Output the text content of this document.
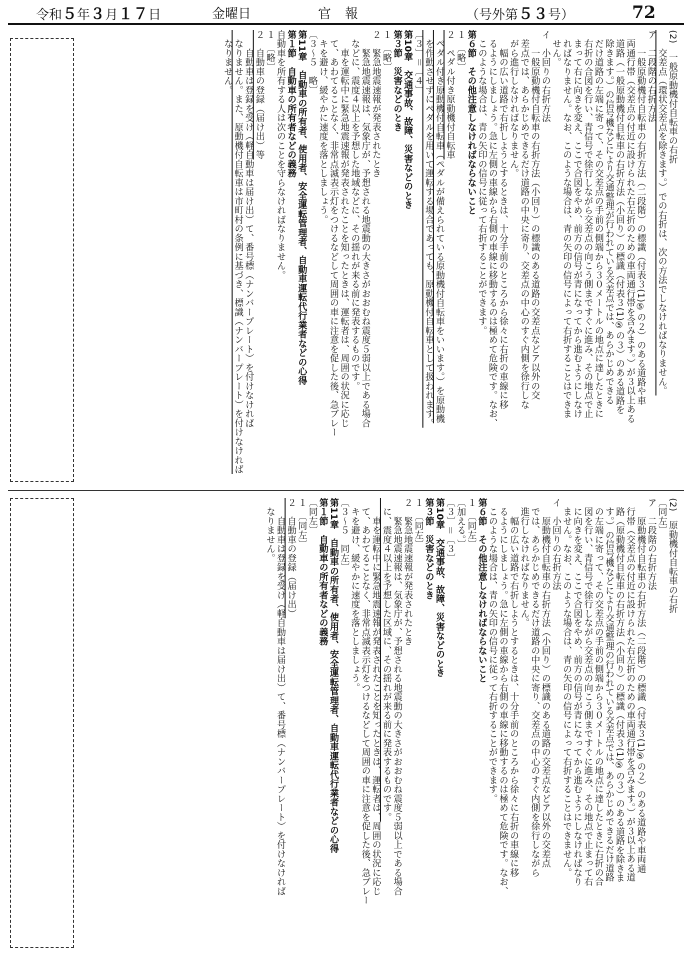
令和５年３月１７日	金曜日	官報	（号外第５３号）	72

(2)　一般原動機付自転車の右折

　　交差点（環状交差点を除きます。）での右折は、次の方法でしなければなりません。

ア　二段階の右折方法

　　一般原動機付自転車の右折方法（二段階）の標識（付表３(1)⑤の２）のある道路や車

　両通行帯（交差点の付近に設けられた右左折のための車両通行帯を含みます。）が３以上ある

　道路（一般原動機付自転車の右折方法（小回り）の標識（付表３(1)⑤の３）のある道路を

　除きます。）の信号機などにより交通整理が行われている交差点では、あらかじめできる

　だけ道路の左端に寄って、その交差点の手前の側端から３０メートルの地点に達したときに

　右折の合図を行い、青信号で徐行しながら交差点の向こう側まですぐに進み、その地点で止

　まって右に向きを変え、ここで合図をやめ、前方の信号が青になってから進むようにしなけ

　ればなりません。なお、このような場合は、青の矢印の信号によって右折することはできま

　せん。

イ　小回りの右折方法

　　一般原動機付自転車の右折方法（小回り）の標識のある道路の交差点などア以外の交

　差点では、あらかじめできるだけ道路の中央に寄り、交差点の中心のすぐ内側を徐行しな

　がら進行しなければなりません。

　　幅の広い道路で右折しようとするときは、十分手前のところから徐々に右折の車線に移

　るようにしましょう。急に左側の車線から右側の車線に移動するのは極めて危険です。なお、

　このような場合は、青の矢印の信号に従って右折することができます。

第６節　その他注意しなければならないこと

１　〔略〕

２　ペダル付き原動機付自転車

　ペダル付き原動機付自転車（ペダルが備えられている原動機付自転車をいいます。）を原動機

　を作動させずにペダルを用いて運転する場合であっても、原動機付自転車として扱われます。

〔３〕＝〔４〕

第10章　交通事故、故障、災害などのとき

第３節　災害などのとき

１　〔略〕

２　緊急地震速報が発表されたとき

　　緊急地震速報は、気象庁が、予想される地震動の大きさがおおむね震度５弱以上である場合

　などに、震度４以上を予想した地域などに、その揺れが来る前に発表するものです。

　　車を運転中に緊急地震速報が発表されたことを知ったときは、運転者は、周囲の状況に応じ

　て、あわてることなく、非常点滅表示灯をつけるなどして周囲の車に注意を促した後、急ブレー

　キを避け、緩やかに速度を落としましょう。

〔３～５　略〕

第11章　自動車の所有者、使用者、安全運転管理者、自動車運転代行業者などの心得

第１節　自動車の所有者などの義務

自動車を所有する人は次のことを守らなければなりません。

１　〔略〕

２　自動車の登録（届け出）等

　　自動車は登録を受け（軽自動車は届け出）て、番号標（ナンバープレート）を付けなければ

　なりません。また、原動機付自転車は市町村の条例に基づき、標識（ナンバープレート）を付けなければ

　なりません。

(2)　原動機付自転車の右折

〔同左〕

ア　二段階の右折方法

　　原動機付自転車の右折方法（二段階）の標識（付表３(1)⑤の２）のある道路や車両通

　行帯（交差点の付近に設けられた右左折のための車両通行帯を含みます。）が３以上ある道

　路（原動機付自転車の右折方法（小回り）の標識（付表３(1)⑤の３）のある道路を除きま

　す。）の信号機などにより交通整理の行われている交差点では、あらかじめできるだけ道路

　の左端に寄って、その交差点の手前の側端から３０メートルの地点に達したときに右折の合

　図を行い、青信号で徐行しながら交差点の向こう側まですぐに進み、その地点で止まって右

　に向きを変え、ここで合図をやめ、前方の信号が青になってから進むようにしなければなり

　ません。なお、このような場合は、青の矢印の信号によって右折することはできません。

イ　小回りの右折方法

　　原動機付自転車の右折方法（小回り）の標識のある道路の交差点などア以外の交差点

　では、あらかじめできるだけ道路の中央に寄り、交差点の中心のすぐ内側を徐行しながら

　進行しなければなりません。

　　幅の広い道路で右折しようとするときは、十分手前のところから徐々に右折の車線に移

　るようにしましょう。急に左側の車線から右側の車線に移動するのは極めて危険です。なお、

　このような場合は、青の矢印の信号に従って右折することができます。

第６節　その他注意しなければならないこと

１　〔同左〕

〔加える。〕

〔３〕＝〔３〕

第10章　交通事故、故障、災害などのとき

第３節　災害などのとき

１　〔同左〕

２　緊急地震速報が発表されたとき

　　緊急地震速報は、気象庁が、予想される地震動の大きさがおおむね震度５弱以上である場合

　に、震度４以上を予想した区域に、その揺れが来る前に発表するものです。

　　車を運転中に緊急地震速報が発表されたことを知ったときは、運転者は、周囲の状況に応じ

　て、あわてることなく、非常点滅表示灯をつけるなどして周囲の車に注意を促した後、急ブレー

　キを避け、緩やかに速度を落としましょう。

〔３～５　同左〕

第11章　自動車の所有者、使用者、安全運転管理者、自動車運転代行業者などの心得

第１節　自動車の所有者などの義務

〔同左〕

１　〔同左〕

２　自動車の登録（届け出）

　　自動車は登録を受け（軽自動車は届け出）て、番号標（ナンバープレート）を付けなければ

　なりません。
